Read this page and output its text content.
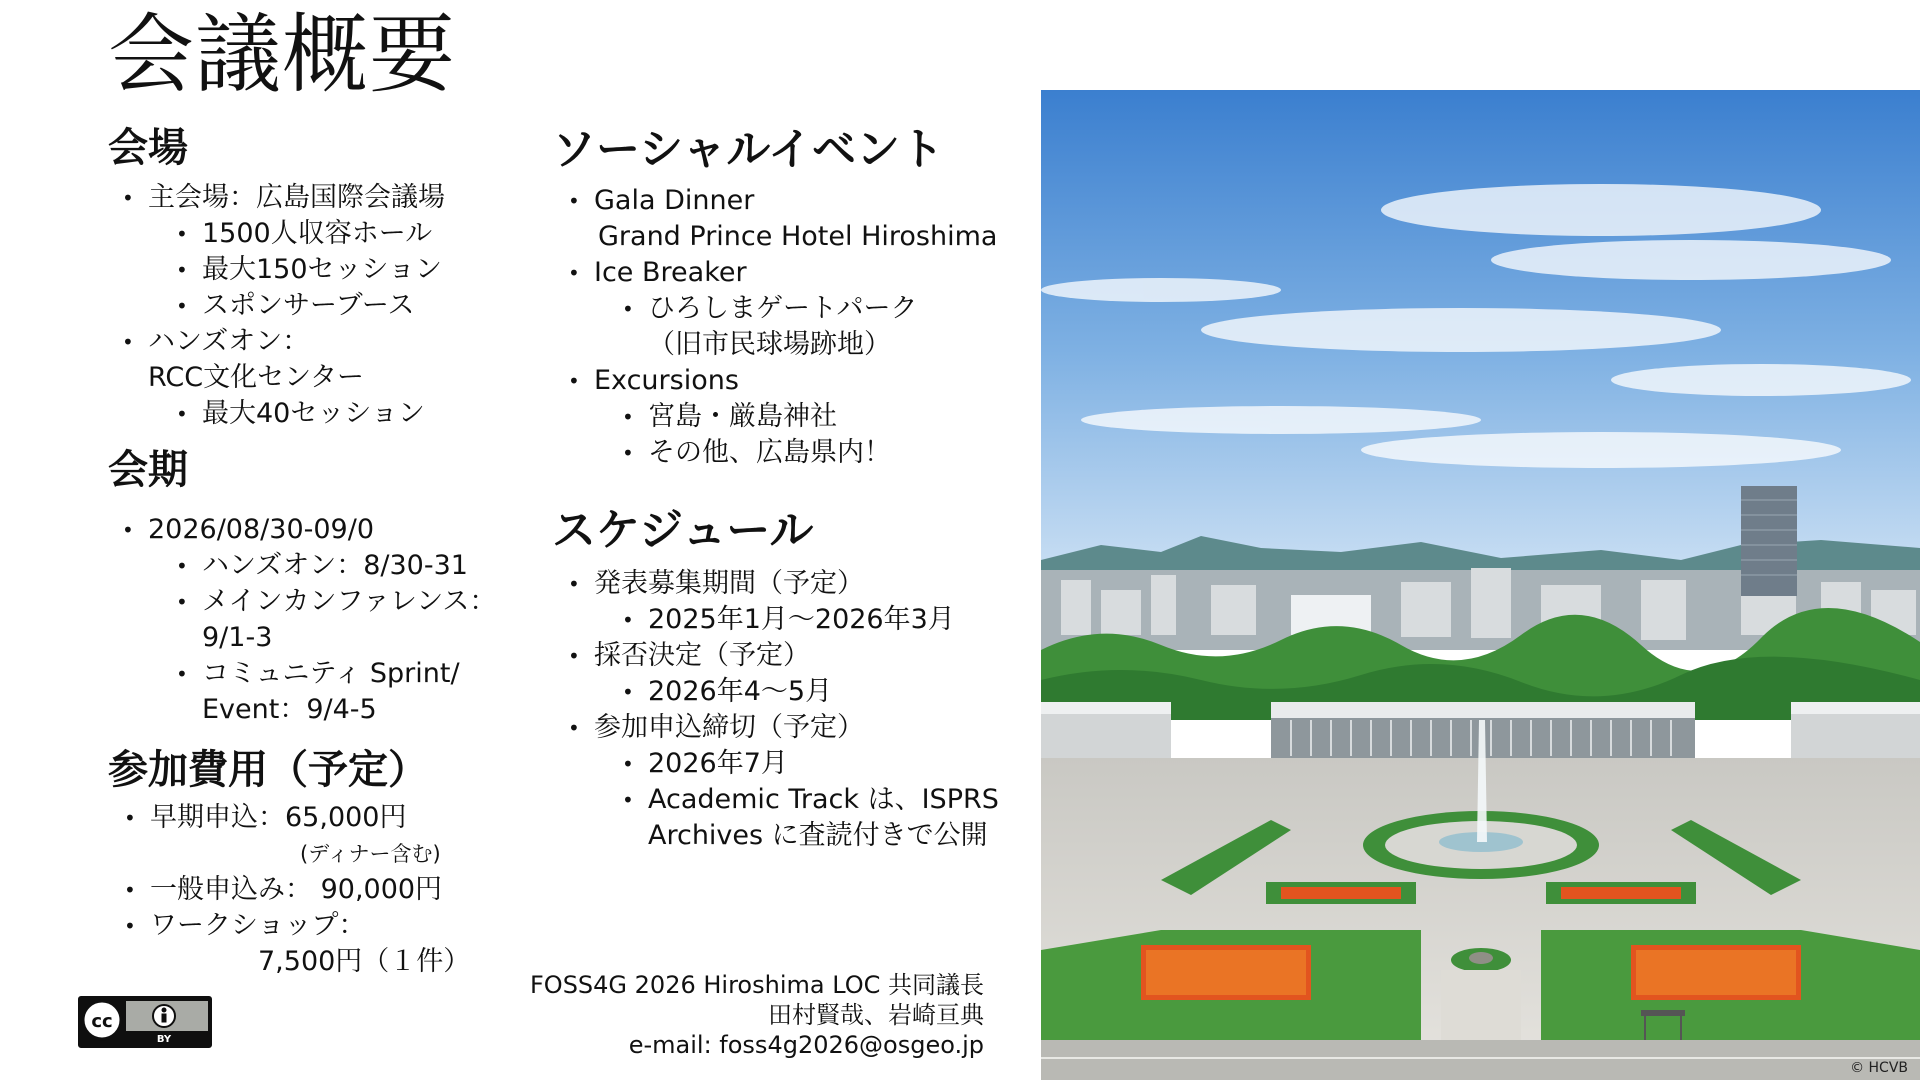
会議概要
会場
• 主会場：広島国際会議場
• 1500人収容ホール
• 最大150セッション
• スポンサーブース
• ハンズオン：
RCC文化センター
• 最大40セッション
会期
• 2026/08/30-09/0
• ハンズオン：8/30-31
• メインカンファレンス：
9/1-3
• コミュニティ Sprint/
Event：9/4-5
参加費用（予定）
• 早期申込：65,000円
(ディナー含む)
• 一般申込み： 90,000円
• ワークショップ：
7,500円（１件）
ソーシャルイベント
• Gala Dinner
Grand Prince Hotel Hiroshima
• Ice Breaker
• ひろしまゲートパーク
（旧市民球場跡地）
• Excursions
• 宮島・厳島神社
• その他、広島県内！
スケジュール
• 発表募集期間（予定）
• 2025年1月～2026年3月
• 採否決定（予定）
• 2026年4～5月
• 参加申込締切（予定）
• 2026年7月
• Academic Track は、ISPRS
Archives に査読付きで公開
FOSS4G 2026 Hiroshima LOC 共同議長
田村賢哉、岩崎亘典
e-mail: foss4g2026@osgeo.jp
cc
BY
© HCVB
